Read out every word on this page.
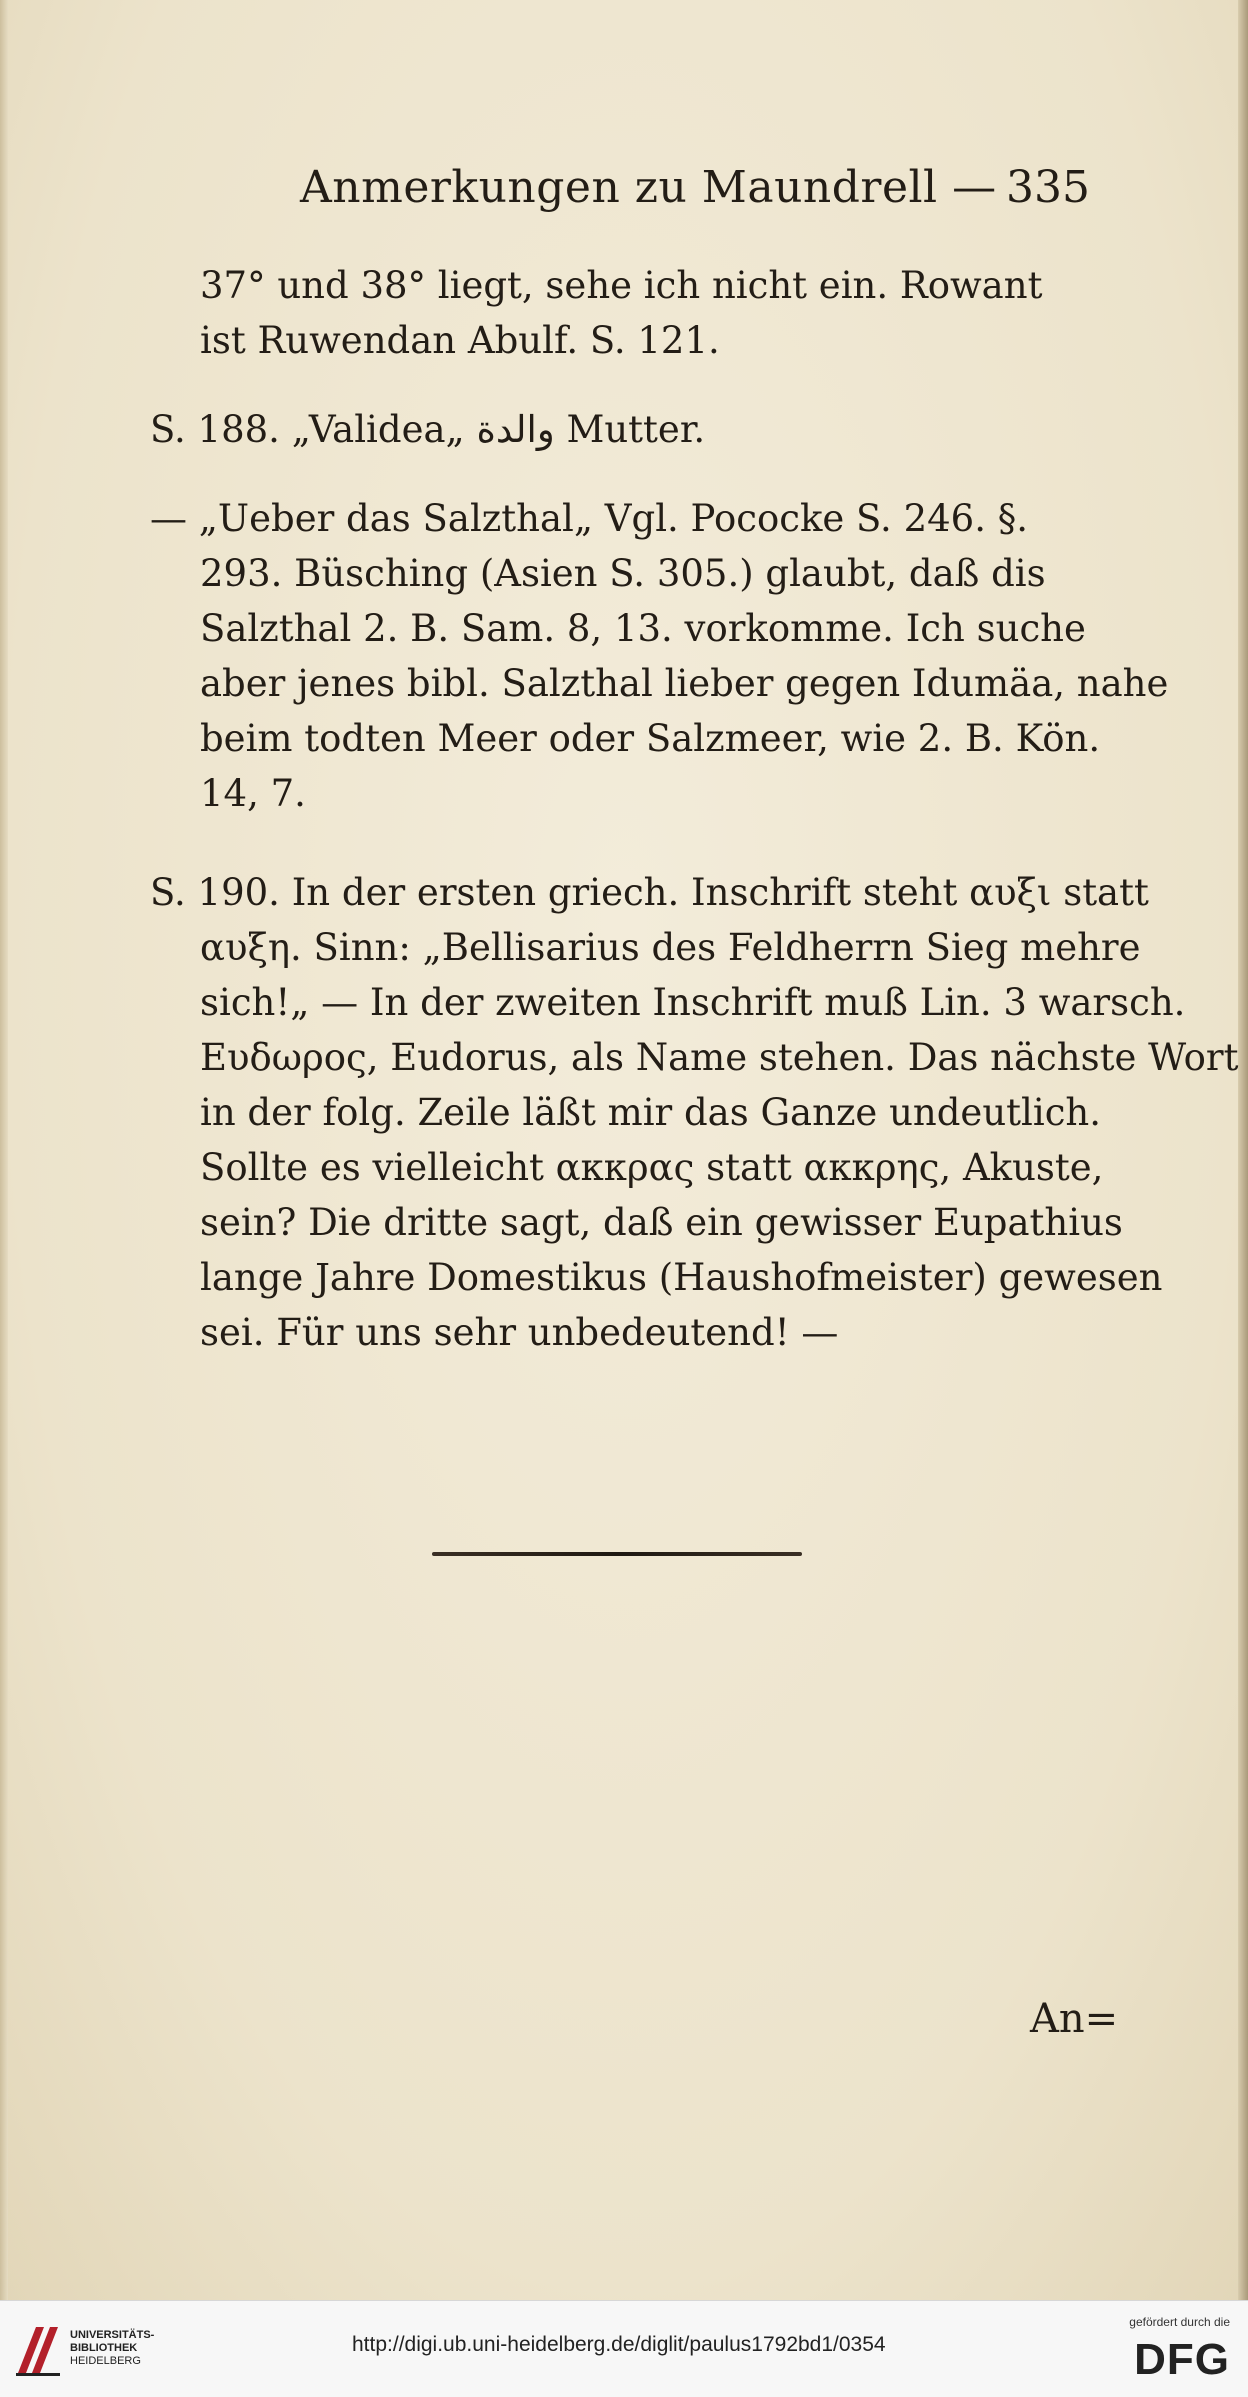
Anmerkungen zu Maundrell — 335
37° und 38° liegt, sehe ich nicht ein. Rowant
ist Ruwendan Abulf. S. 121.
S. 188. „Validea„ ‏والدة‎ Mutter.
— „Ueber das Salzthal„ Vgl. Pococke S. 246. §.
293. Büsching (Asien S. 305.) glaubt, daß dis
Salzthal 2. B. Sam. 8, 13. vorkomme. Ich suche
aber jenes bibl. Salzthal lieber gegen Idumäa, nahe
beim todten Meer oder Salzmeer, wie 2. B. Kön.
14, 7.
S. 190. In der ersten griech. Inschrift steht αυξι statt
αυξη. Sinn: „Bellisarius des Feldherrn Sieg mehre
sich!„ — In der zweiten Inschrift muß Lin. 3 warsch.
Ευδωρος, Eudorus, als Name stehen. Das nächste Wort
in der folg. Zeile läßt mir das Ganze undeutlich.
Sollte es vielleicht ακκρας statt ακκρης, Akuste,
sein? Die dritte sagt, daß ein gewisser Eupathius
lange Jahre Domestikus (Haushofmeister) gewesen
sei. Für uns sehr unbedeutend! —
An=
UNIVERSITÄTS-
BIBLIOTHEK
HEIDELBERG
http://digi.ub.uni-heidelberg.de/diglit/paulus1792bd1/0354
gefördert durch die
DFG
